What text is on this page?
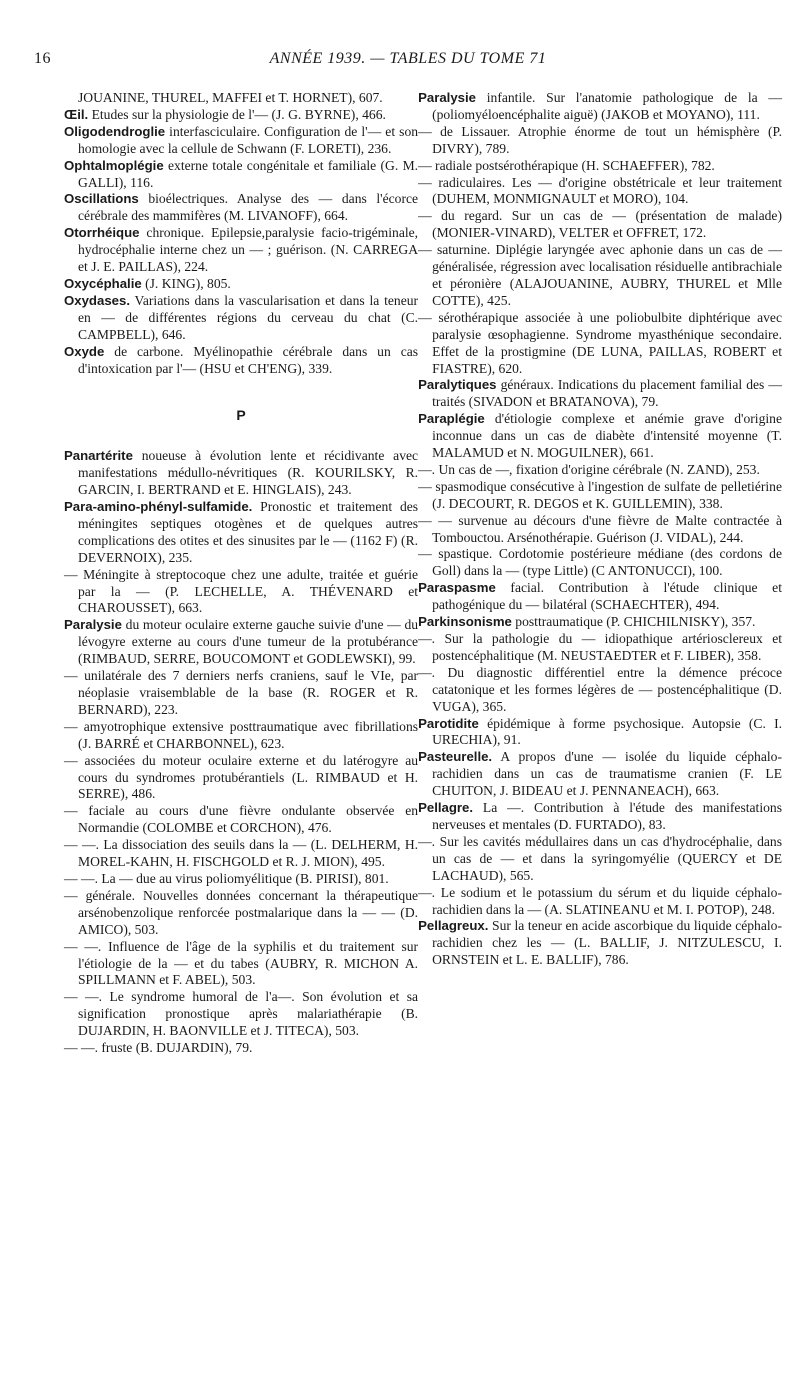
16	ANNÉE 1939. — TABLES DU TOME 71

JOUANINE, THUREL, MAFFEI et T. HORNET), 607.

Œil. Etudes sur la physiologie de l'— (J. G. BYRNE), 466.

Oligodendroglie interfasciculaire. Configuration de l'— et son homologie avec la cellule de Schwann (F. LORETI), 236.

Ophtalmoplégie externe totale congénitale et familiale (G. M. GALLI), 116.

Oscillations bioélectriques. Analyse des — dans l'écorce cérébrale des mammifères (M. LIVANOFF), 664.

Otorrhéique chronique. Epilepsie,paralysie facio-trigéminale, hydrocéphalie interne chez un — ; guérison. (N. CARREGA et J. E. PAILLAS), 224.

Oxycéphalie (J. KING), 805.

Oxydases. Variations dans la vascularisation et dans la teneur en — de différentes régions du cerveau du chat (C. CAMPBELL), 646.

Oxyde de carbone. Myélinopathie cérébrale dans un cas d'intoxication par l'— (HSU et CH'ENG), 339.

P

Panartérite noueuse à évolution lente et récidivante avec manifestations médullo-névritiques (R. KOURILSKY, R. GARCIN, I. BERTRAND et E. HINGLAIS), 243.

Para-amino-phényl-sulfamide. Pronostic et traitement des méningites septiques otogènes et de quelques autres complications des otites et des sinusites par le — (1162 F) (R. DEVERNOIX), 235.

— Méningite à streptocoque chez une adulte, traitée et guérie par la — (P. LECHELLE, A. THÉVENARD et CHAROUSSET), 663.

Paralysie du moteur oculaire externe gauche suivie d'une — du lévogyre externe au cours d'une tumeur de la protubérance (RIMBAUD, SERRE, BOUCOMONT et GODLEWSKI), 99.

— unilatérale des 7 derniers nerfs craniens, sauf le VIe, par néoplasie vraisemblable de la base (R. ROGER et R. BERNARD), 223.

— amyotrophique extensive posttraumatique avec fibrillations (J. BARRÉ et CHARBONNEL), 623.

— associées du moteur oculaire externe et du latérogyre au cours du syndromes protubérantiels (L. RIMBAUD et H. SERRE), 486.

— faciale au cours d'une fièvre ondulante observée en Normandie (COLOMBE et CORCHON), 476.

— —. La dissociation des seuils dans la — (L. DELHERM, H. MOREL-KAHN, H. FISCHGOLD et R. J. MION), 495.

— —. La — due au virus poliomyélitique (B. PIRISI), 801.

— générale. Nouvelles données concernant la thérapeutique arsénobenzolique renforcée postmalarique dans la — — (D. AMICO), 503.

— —. Influence de l'âge de la syphilis et du traitement sur l'étiologie de la — et du tabes (AUBRY, R. MICHON A. SPILLMANN et F. ABEL), 503.

— —. Le syndrome humoral de l'a—. Son évolution et sa signification pronostique après malariathérapie (B. DUJARDIN, H. BAONVILLE et J. TITECA), 503.

— —. fruste (B. DUJARDIN), 79.

Paralysie infantile. Sur l'anatomie pathologique de la — (poliomyéloencéphalite aiguë) (JAKOB et MOYANO), 111.

— de Lissauer. Atrophie énorme de tout un hémisphère (P. DIVRY), 789.

— radiale postsérothérapique (H. SCHAEFFER), 782.

— radiculaires. Les — d'origine obstétricale et leur traitement (DUHEM, MONMIGNAULT et MORO), 104.

— du regard. Sur un cas de — (présentation de malade) (MONIER-VINARD), VELTER et OFFRET, 172.

— saturnine. Diplégie laryngée avec aphonie dans un cas de — généralisée, régression avec localisation résiduelle antibrachiale et péronière (ALAJOUANINE, AUBRY, THUREL et Mlle COTTE), 425.

— sérothérapique associée à une poliobulbite diphtérique avec paralysie œsophagienne. Syndrome myasthénique secondaire. Effet de la prostigmine (DE LUNA, PAILLAS, ROBERT et FIASTRE), 620.

Paralytiques généraux. Indications du placement familial des — traités (SIVADON et BRATANOVA), 79.

Paraplégie d'étiologie complexe et anémie grave d'origine inconnue dans un cas de diabète d'intensité moyenne (T. MALAMUD et N. MOGUILNER), 661.

—. Un cas de —, fixation d'origine cérébrale (N. ZAND), 253.

— spasmodique consécutive à l'ingestion de sulfate de pelletiérine (J. DECOURT, R. DEGOS et K. GUILLEMIN), 338.

— — survenue au décours d'une fièvre de Malte contractée à Tombouctou. Arsénothérapie. Guérison (J. VIDAL), 244.

— spastique. Cordotomie postérieure médiane (des cordons de Goll) dans la — (type Little) (C ANTONUCCI), 100.

Paraspasme facial. Contribution à l'étude clinique et pathogénique du — bilatéral (SCHAECHTER), 494.

Parkinsonisme posttraumatique (P. CHICHILNISKY), 357.

—. Sur la pathologie du — idiopathique artériosclereux et postencéphalitique (M. NEUSTAEDTER et F. LIBER), 358.

—. Du diagnostic différentiel entre la démence précoce catatonique et les formes légères de — postencéphalitique (D. VUGA), 365.

Parotidite épidémique à forme psychosique. Autopsie (C. I. URECHIA), 91.

Pasteurelle. A propos d'une — isolée du liquide céphalo-rachidien dans un cas de traumatisme cranien (F. LE CHUITON, J. BIDEAU et J. PENNANEACH), 663.

Pellagre. La —. Contribution à l'étude des manifestations nerveuses et mentales (D. FURTADO), 83.

—. Sur les cavités médullaires dans un cas d'hydrocéphalie, dans un cas de — et dans la syringomyélie (QUERCY et DE LACHAUD), 565.

—. Le sodium et le potassium du sérum et du liquide céphalo-rachidien dans la — (A. SLATINEANU et M. I. POTOP), 248.

Pellagreux. Sur la teneur en acide ascorbique du liquide céphalo-rachidien chez les — (L. BALLIF, J. NITZULESCU, I. ORNSTEIN et L. E. BALLIF), 786.
